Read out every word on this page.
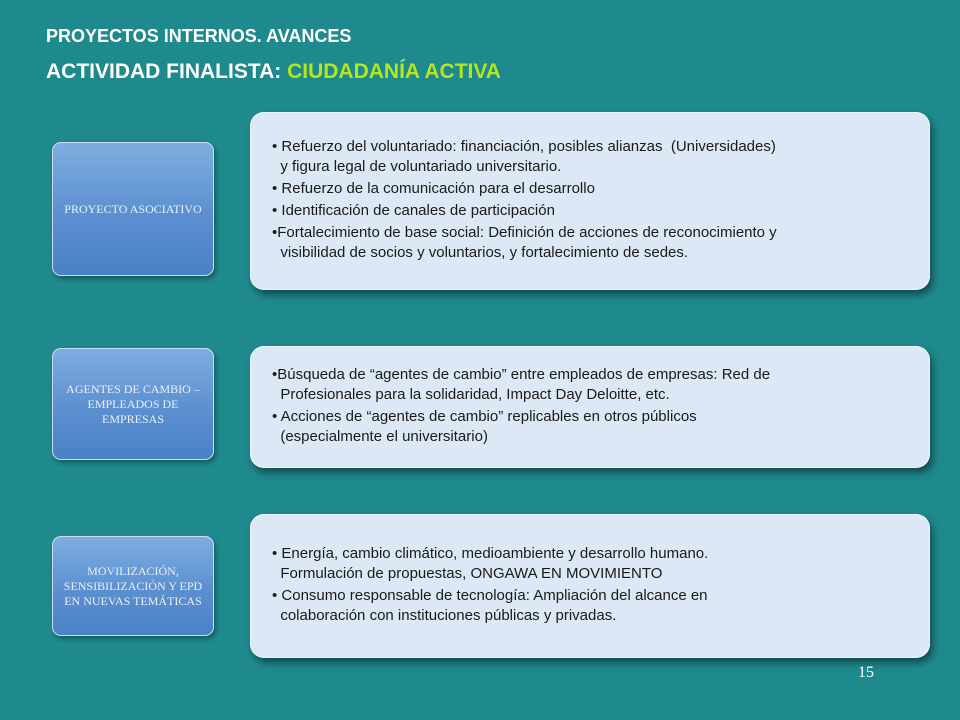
PROYECTOS INTERNOS. AVANCES
ACTIVIDAD FINALISTA: CIUDADANÍA ACTIVA
PROYECTO ASOCIATIVO
• Refuerzo del voluntariado: financiación, posibles alianzas  (Universidades)
y figura legal de voluntariado universitario.
• Refuerzo de la comunicación para el desarrollo
• Identificación de canales de participación
•Fortalecimiento de base social: Definición de acciones de reconocimiento y
visibilidad de socios y voluntarios, y fortalecimiento de sedes.
AGENTES DE CAMBIO – EMPLEADOS DE EMPRESAS
•Búsqueda de “agentes de cambio” entre empleados de empresas: Red de
Profesionales para la solidaridad, Impact Day Deloitte, etc.
• Acciones de “agentes de cambio” replicables en otros públicos
(especialmente el universitario)
MOVILIZACIÓN, SENSIBILIZACIÓN Y EPD EN NUEVAS TEMÁTICAS
• Energía, cambio climático, medioambiente y desarrollo humano.
Formulación de propuestas, ONGAWA EN MOVIMIENTO
• Consumo responsable de tecnología: Ampliación del alcance en
colaboración con instituciones públicas y privadas.
15
